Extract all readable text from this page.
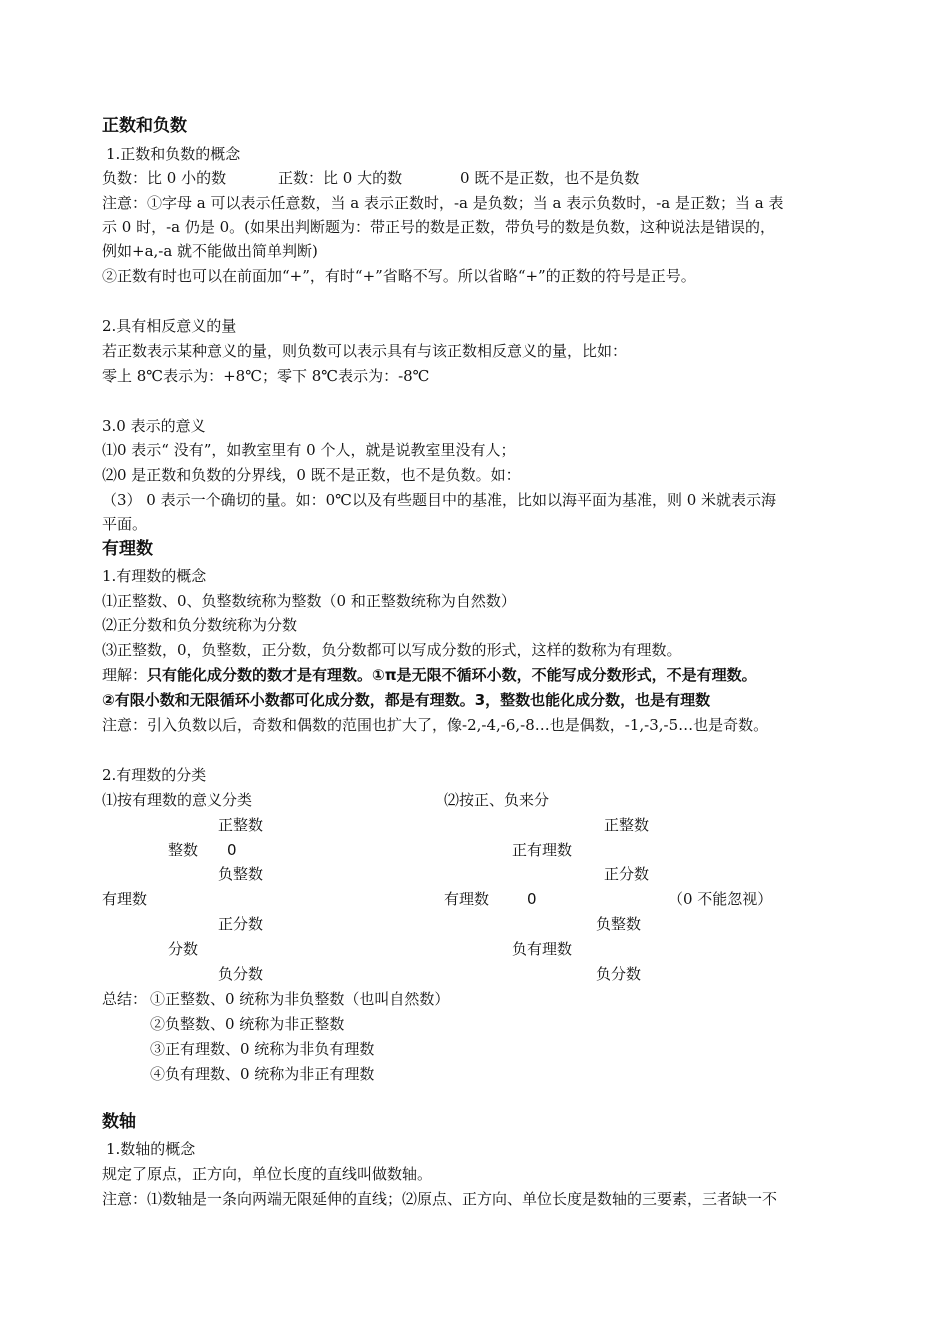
正数和负数
1.正数和负数的概念
负数：比 0 小的数	正数：比 0 大的数	0 既不是正数，也不是负数
注意：①字母 a 可以表示任意数，当 a 表示正数时，-a 是负数；当 a 表示负数时，-a 是正数；当 a 表
示 0 时，-a 仍是 0。(如果出判断题为：带正号的数是正数，带负号的数是负数，这种说法是错误的，
例如+a,-a 就不能做出简单判断)
②正数有时也可以在前面加“+”，有时“+”省略不写。所以省略“+”的正数的符号是正号。
2.具有相反意义的量
若正数表示某种意义的量，则负数可以表示具有与该正数相反意义的量，比如：
零上 8℃表示为：+8℃；零下 8℃表示为：-8℃
3.0 表示的意义
⑴0 表示“ 没有”，如教室里有 0 个人，就是说教室里没有人；
⑵0 是正数和负数的分界线，0 既不是正数，也不是负数。如：
（3） 0 表示一个确切的量。如：0℃以及有些题目中的基准，比如以海平面为基准，则 0 米就表示海
平面。
有理数
1.有理数的概念
⑴正整数、0、负整数统称为整数（0 和正整数统称为自然数）
⑵正分数和负分数统称为分数
⑶正整数，0，负整数，正分数，负分数都可以写成分数的形式，这样的数称为有理数。
理解：只有能化成分数的数才是有理数。①π是无限不循环小数，不能写成分数形式，不是有理数。
②有限小数和无限循环小数都可化成分数，都是有理数。3，整数也能化成分数，也是有理数
注意：引入负数以后，奇数和偶数的范围也扩大了，像-2,-4,-6,-8…也是偶数，-1,-3,-5…也是奇数。
2.有理数的分类
⑴按有理数的意义分类	⑵按正、负来分
正整数
整数 0
负整数
有理数
正分数
分数
负分数
正整数
正有理数
正分数
有理数	0	（0 不能忽视）
负整数
负有理数
负分数
总结： ①正整数、0 统称为非负整数（也叫自然数）
②负整数、0 统称为非正整数
③正有理数、0 统称为非负有理数
④负有理数、0 统称为非正有理数
数轴
1.数轴的概念
规定了原点，正方向，单位长度的直线叫做数轴。
注意：⑴数轴是一条向两端无限延伸的直线；⑵原点、正方向、单位长度是数轴的三要素，三者缺一不
